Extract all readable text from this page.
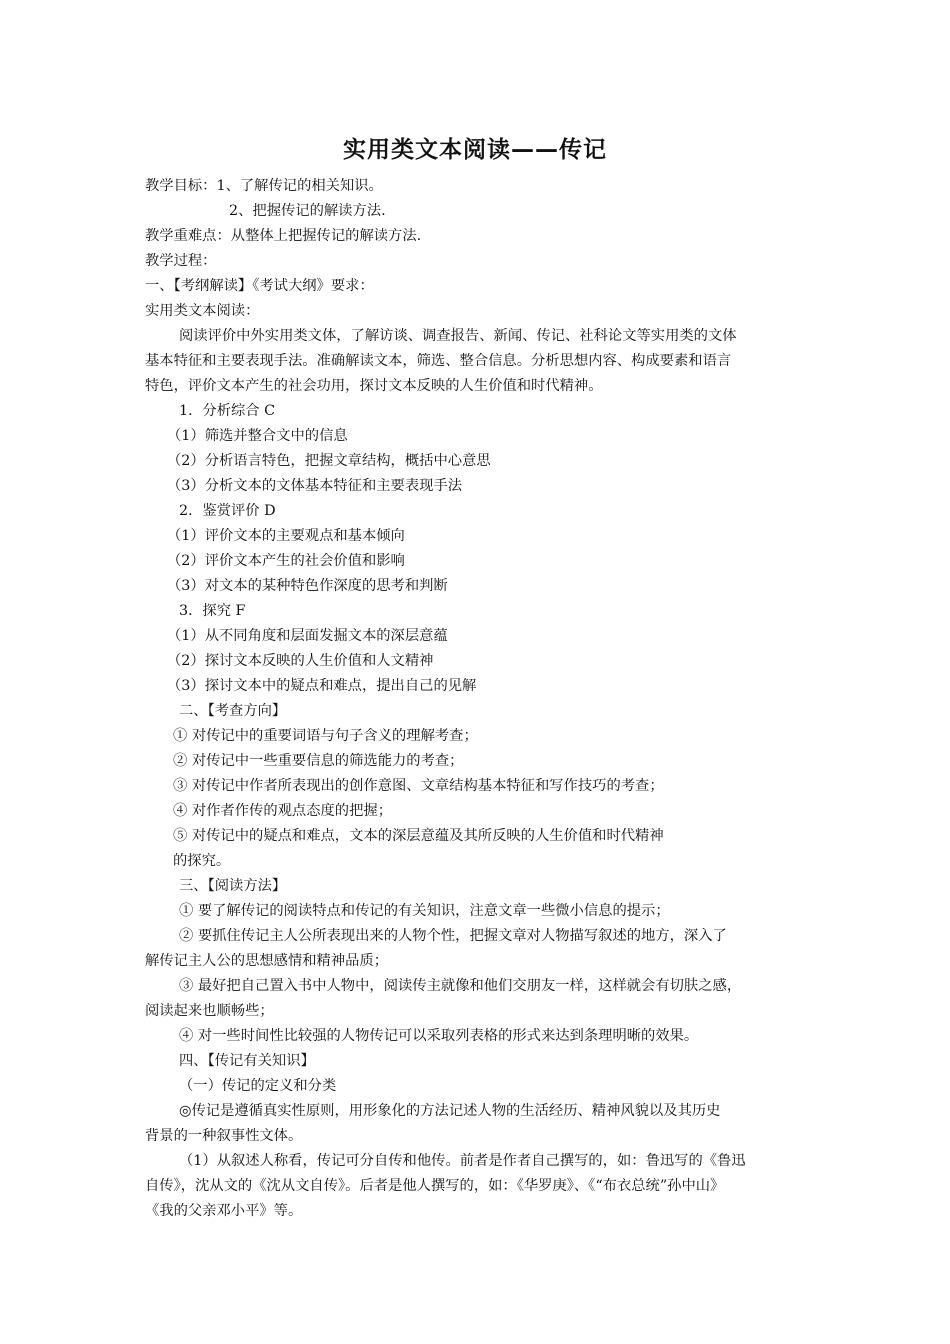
实用类文本阅读——传记
教学目标：1、了解传记的相关知识。
2、把握传记的解读方法.
教学重难点：从整体上把握传记的解读方法.
教学过程：
一、【考纲解读】《考试大纲》要求：
实用类文本阅读：
阅读评价中外实用类文体，了解访谈、调查报告、新闻、传记、社科论文等实用类的文体
基本特征和主要表现手法。准确解读文本，筛选、整合信息。分析思想内容、构成要素和语言
特色，评价文本产生的社会功用，探讨文本反映的人生价值和时代精神。
1．分析综合 C
（1）筛选并整合文中的信息
（2）分析语言特色，把握文章结构，概括中心意思
（3）分析文本的文体基本特征和主要表现手法
2．鉴赏评价 D
（1）评价文本的主要观点和基本倾向
（2）评价文本产生的社会价值和影响
（3）对文本的某种特色作深度的思考和判断
3．探究 F
（1）从不同角度和层面发掘文本的深层意蕴
（2）探讨文本反映的人生价值和人文精神
（3）探讨文本中的疑点和难点，提出自己的见解
二、【考查方向】
① 对传记中的重要词语与句子含义的理解考查；
② 对传记中一些重要信息的筛选能力的考查；
③ 对传记中作者所表现出的创作意图、文章结构基本特征和写作技巧的考查；
④ 对作者作传的观点态度的把握；
⑤ 对传记中的疑点和难点，文本的深层意蕴及其所反映的人生价值和时代精神
的探究。
三、【阅读方法】
① 要了解传记的阅读特点和传记的有关知识，注意文章一些微小信息的提示；
② 要抓住传记主人公所表现出来的人物个性，把握文章对人物描写叙述的地方，深入了
解传记主人公的思想感情和精神品质；
③ 最好把自己置入书中人物中，阅读传主就像和他们交朋友一样，这样就会有切肤之感，
阅读起来也顺畅些；
④ 对一些时间性比较强的人物传记可以采取列表格的形式来达到条理明晰的效果。
四、【传记有关知识】
（一）传记的定义和分类
◎传记是遵循真实性原则，用形象化的方法记述人物的生活经历、精神风貌以及其历史
背景的一种叙事性文体。
（1）从叙述人称看，传记可分自传和他传。前者是作者自己撰写的，如：鲁迅写的《鲁迅
自传》，沈从文的《沈从文自传》。后者是他人撰写的，如：《华罗庚》、《“布衣总统”孙中山》
《我的父亲邓小平》等。
